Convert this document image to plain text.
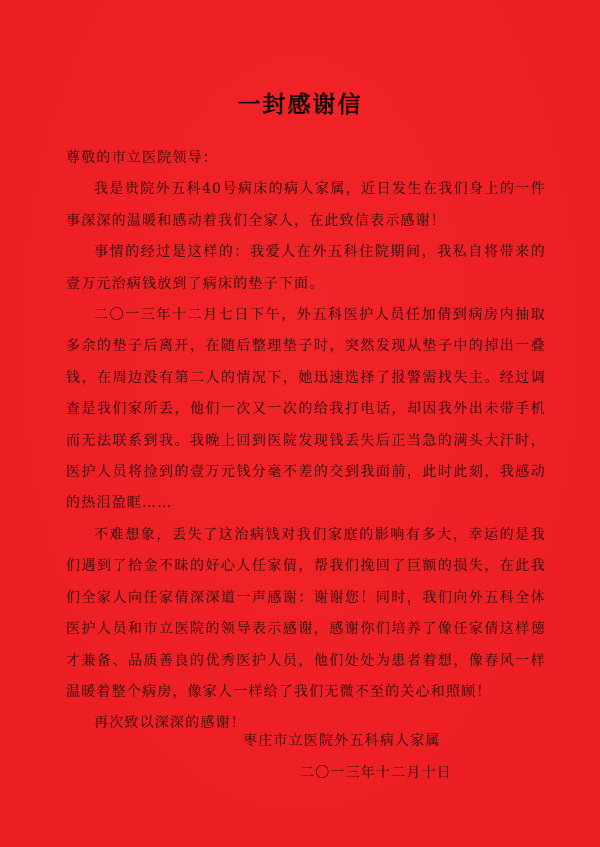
一封感谢信

尊敬的市立医院领导：

我是贵院外五科40号病床的病人家属，近日发生在我们身上的一件事深深的温暖和感动着我们全家人，在此致信表示感谢！

事情的经过是这样的：我爱人在外五科住院期间，我私自将带来的壹万元治病钱放到了病床的垫子下面。

二〇一三年十二月七日下午，外五科医护人员任加倩到病房内抽取多余的垫子后离开，在随后整理垫子时，突然发现从垫子中的掉出一叠钱，在周边没有第二人的情况下，她迅速选择了报警需找失主。经过调查是我们家所丢，他们一次又一次的给我打电话，却因我外出未带手机而无法联系到我。我晚上回到医院发现钱丢失后正当急的满头大汗时，医护人员将捡到的壹万元钱分毫不差的交到我面前，此时此刻，我感动的热泪盈眶……

不难想象，丢失了这治病钱对我们家庭的影响有多大，幸运的是我们遇到了拾金不昧的好心人任家倩，帮我们挽回了巨额的损失，在此我们全家人向任家倩深深道一声感谢：谢谢您！同时，我们向外五科全体医护人员和市立医院的领导表示感谢，感谢你们培养了像任家倩这样德才兼备、品质善良的优秀医护人员，他们处处为患者着想，像春风一样温暖着整个病房，像家人一样给了我们无微不至的关心和照顾！

再次致以深深的感谢！

枣庄市立医院外五科病人家属
二〇一三年十二月十日
